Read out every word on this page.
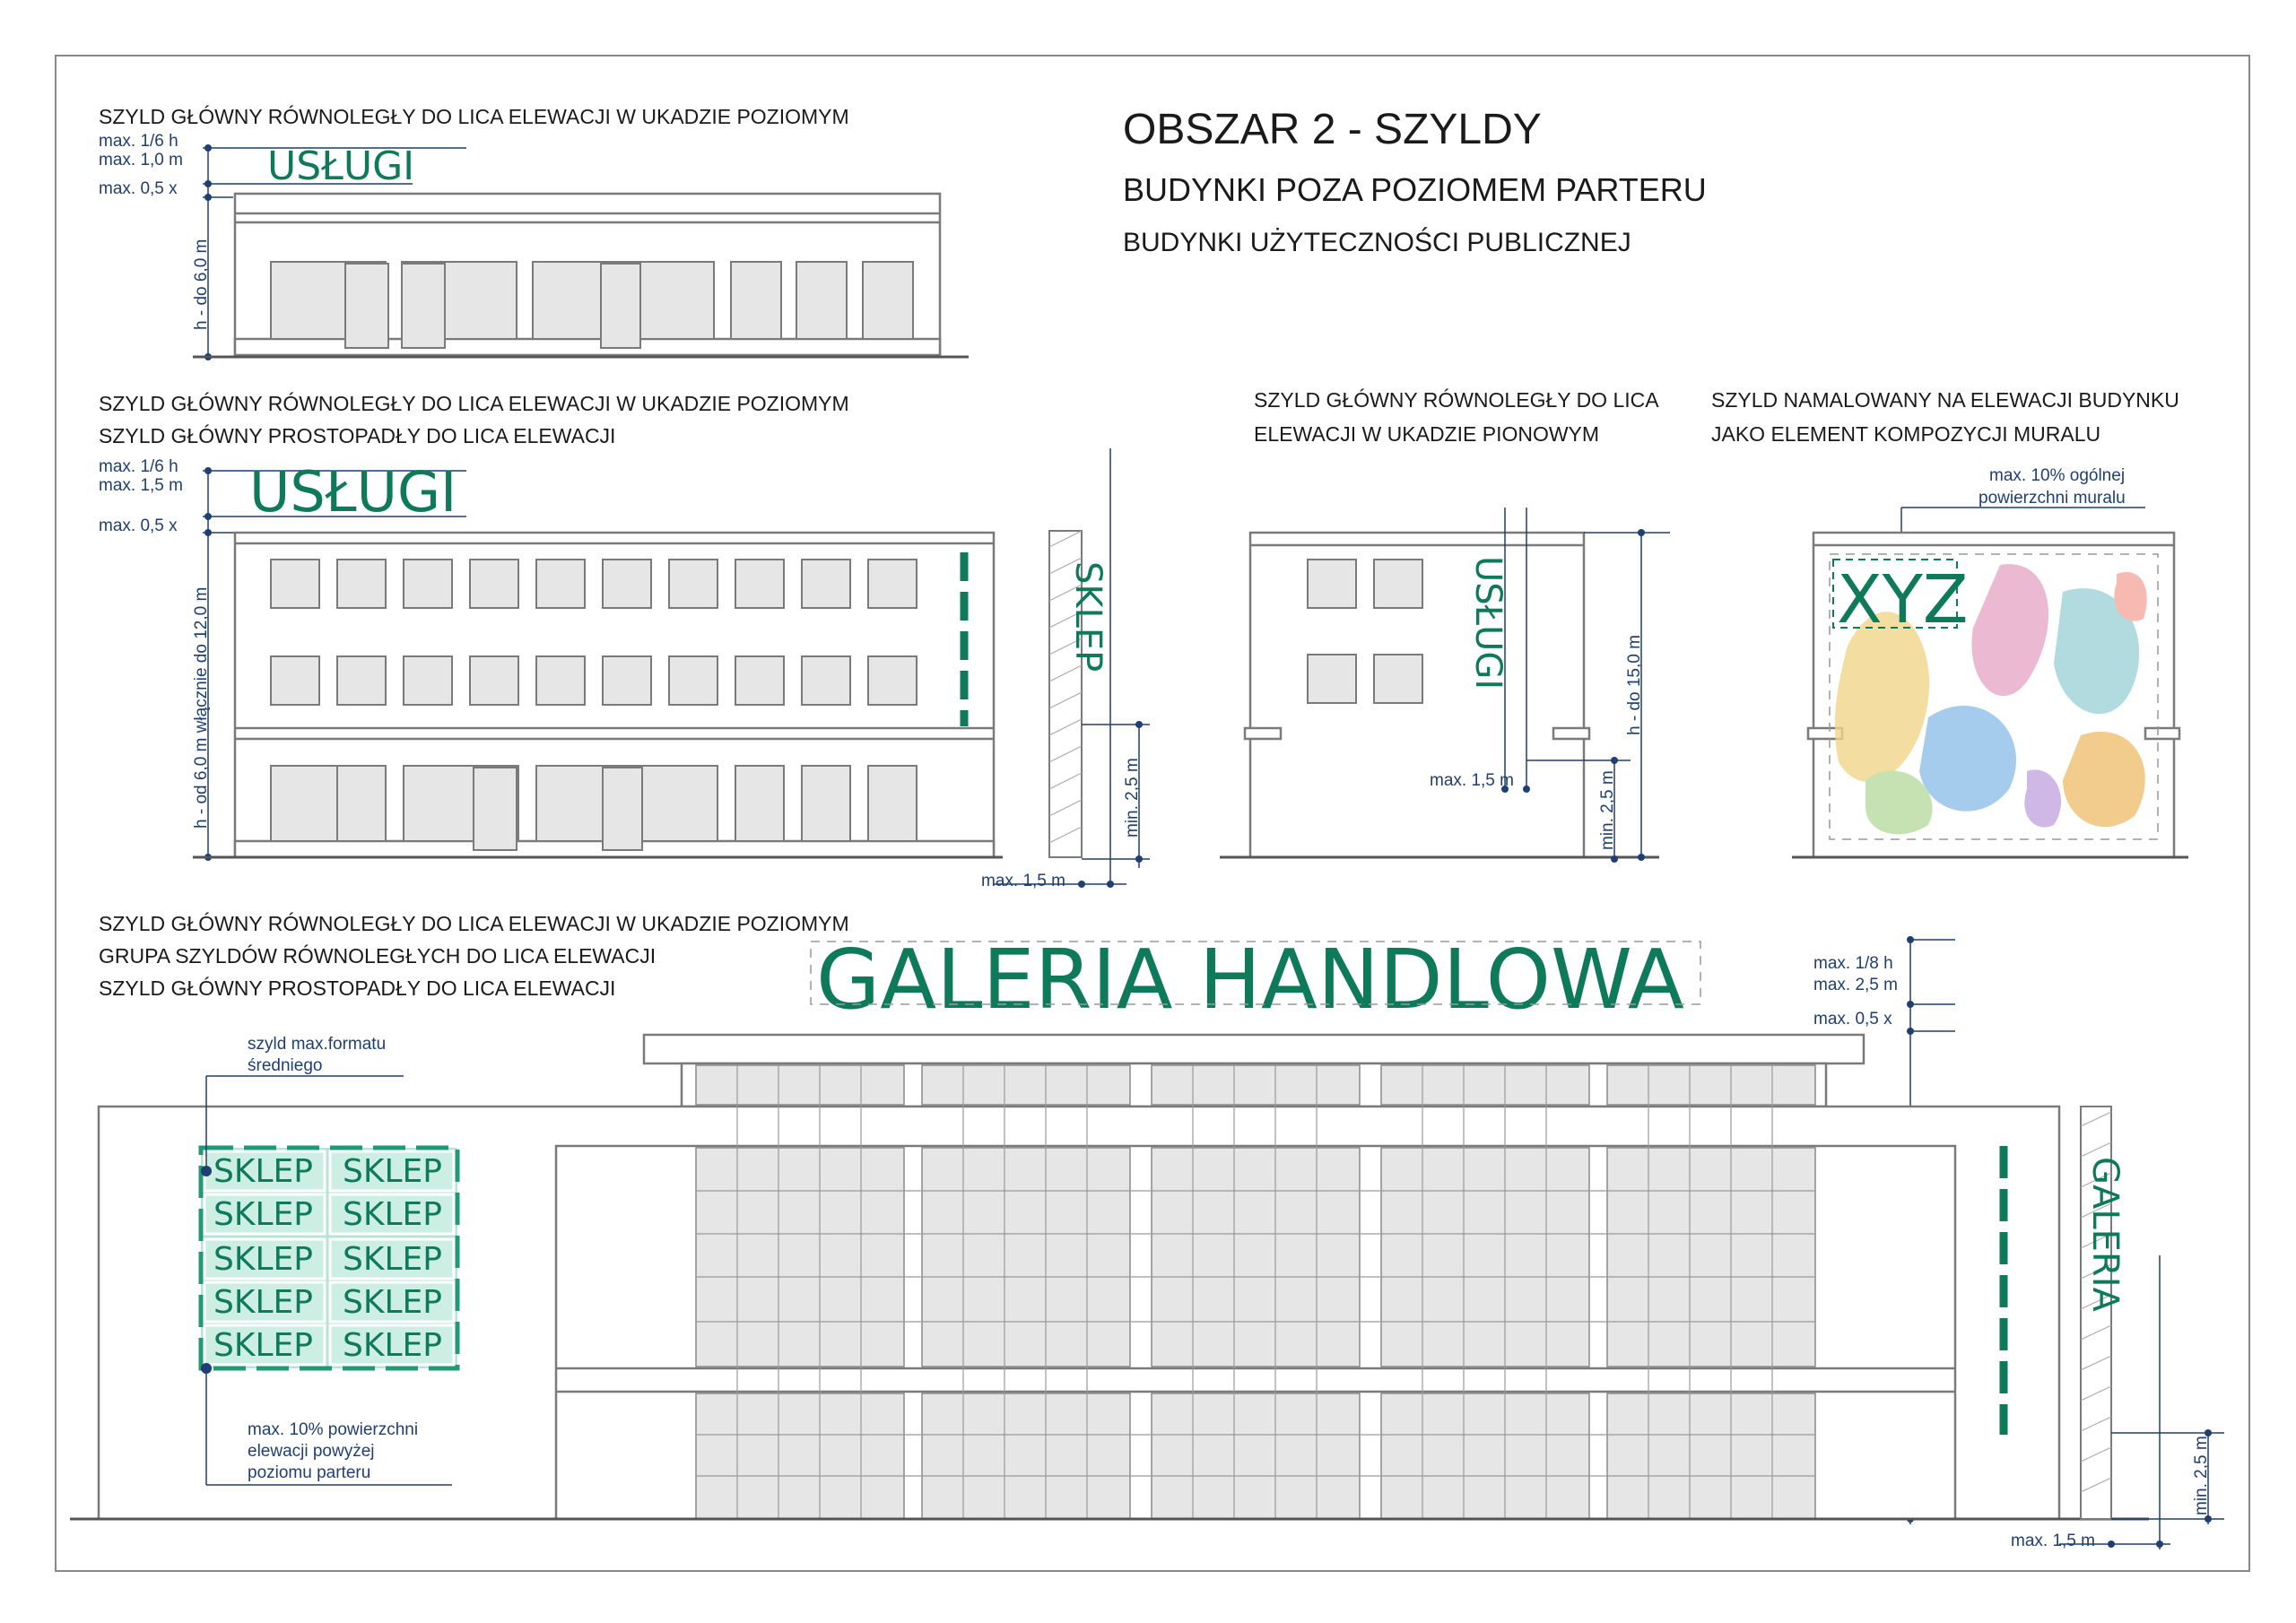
OBSZAR 2 - SZYLDY
BUDYNKI POZA POZIOMEM PARTERU
BUDYNKI UŻYTECZNOŚCI PUBLICZNEJ
SZYLD GŁÓWNY RÓWNOLEGŁY DO LICA ELEWACJI W UKADZIE POZIOMYM
max. 1/6 h
max. 1,0 m
max. 0,5 x
h - do 6,0 m
USŁUGI
SZYLD GŁÓWNY RÓWNOLEGŁY DO LICA ELEWACJI W UKADZIE POZIOMYM
SZYLD GŁÓWNY PROSTOPADŁY DO LICA ELEWACJI
max. 1/6 h
max. 1,5 m
max. 0,5 x
h - od 6,0 m włącznie do 12,0 m
USŁUGI
SKLEP
min. 2,5 m
max. 1,5 m
SZYLD GŁÓWNY RÓWNOLEGŁY DO LICA
ELEWACJI W UKADZIE PIONOWYM
USŁUGI
max. 1,5 m
h - do 15,0 m
min. 2,5 m
SZYLD NAMALOWANY NA ELEWACJI BUDYNKU
JAKO ELEMENT KOMPOZYCJI MURALU
max. 10% ogólnej
powierzchni muralu
XYZ
SZYLD GŁÓWNY RÓWNOLEGŁY DO LICA ELEWACJI W UKADZIE POZIOMYM
GRUPA SZYLDÓW RÓWNOLEGŁYCH DO LICA ELEWACJI
SZYLD GŁÓWNY PROSTOPADŁY DO LICA ELEWACJI GALERIA HANDLOWA	max. 1/8 h
max. 2,5 m
max. 0,5 x
SKLEP SKLEP
SKLEP SKLEP
SKLEP SKLEP
SKLEP SKLEP
SKLEP SKLEP
szyld max.formatu
średniego
max. 10% powierzchni
elewacji powyżej
poziomu parteru
GALERIA
min. 2,5 m
max. 1,5 m
